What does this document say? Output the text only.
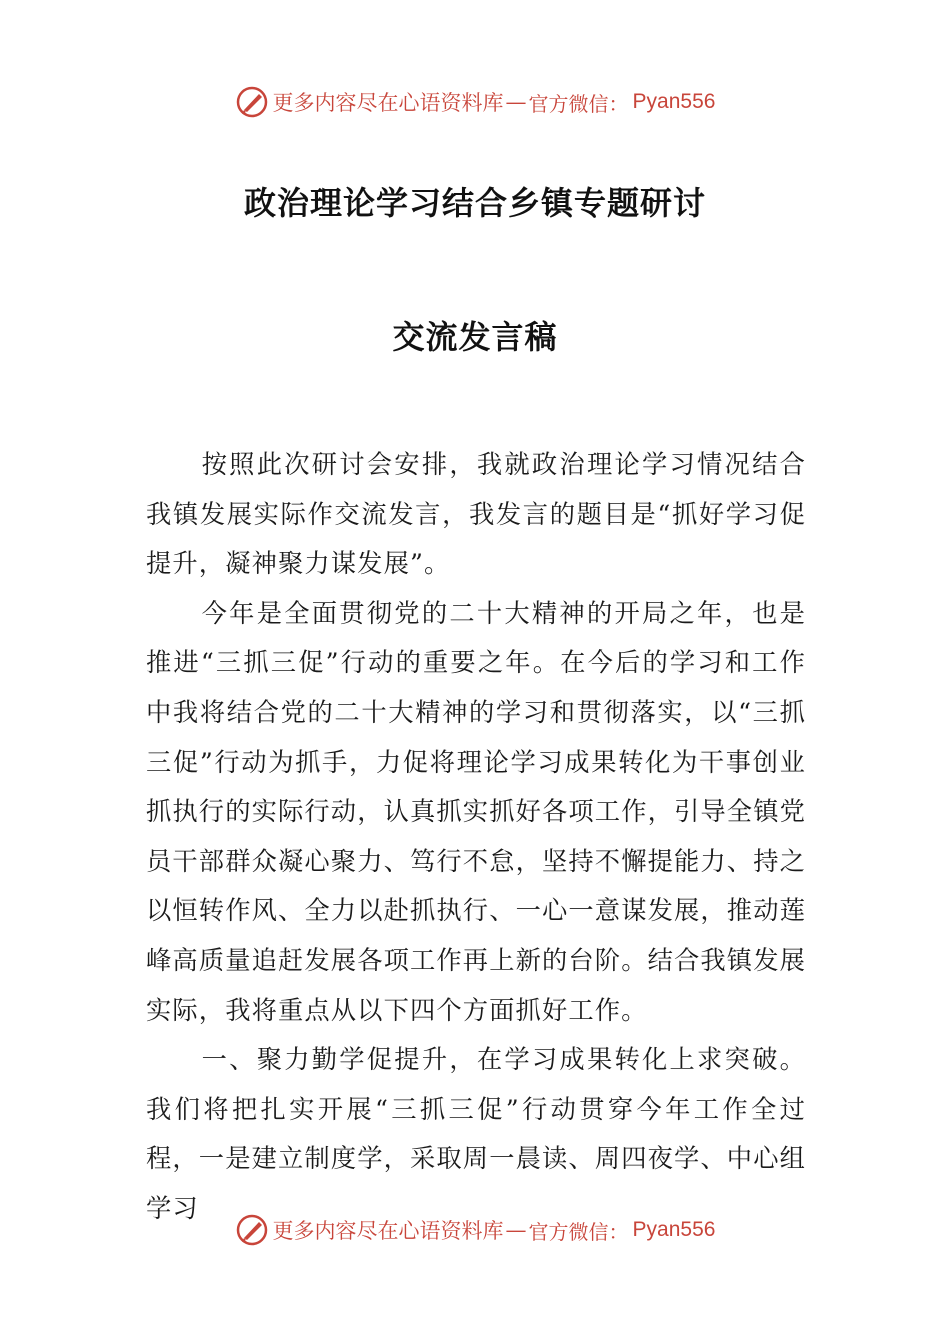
更多内容尽在心语资料库 — 官方微信： Pyan556
政治理论学习结合乡镇专题研讨
交流发言稿

按照此次研讨会安排，我就政治理论学习情况结合我镇发展实际作交流发言，我发言的题目是“抓好学习促提升，凝神聚力谋发展”。

今年是全面贯彻党的二十大精神的开局之年，也是推进“三抓三促”行动的重要之年。在今后的学习和工作中我将结合党的二十大精神的学习和贯彻落实，以“三抓三促”行动为抓手，力促将理论学习成果转化为干事创业抓执行的实际行动，认真抓实抓好各项工作，引导全镇党员干部群众凝心聚力、笃行不怠，坚持不懈提能力、持之以恒转作风、全力以赴抓执行、一心一意谋发展，推动莲峰高质量追赶发展各项工作再上新的台阶。结合我镇发展实际，我将重点从以下四个方面抓好工作。

一、聚力勤学促提升，在学习成果转化上求突破。我们将把扎实开展“三抓三促”行动贯穿今年工作全过程，一是建立制度学，采取周一晨读、周四夜学、中心组学习

更多内容尽在心语资料库 — 官方微信： Pyan556
